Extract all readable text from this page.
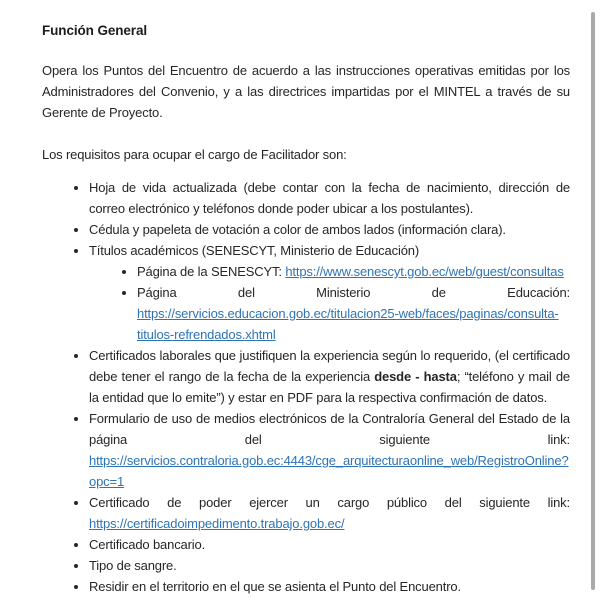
Función General

Opera los Puntos del Encuentro de acuerdo a las instrucciones operativas emitidas por los Administradores del Convenio, y a las directrices impartidas por el MINTEL a través de su Gerente de Proyecto.

Los requisitos para ocupar el cargo de Facilitador son:

• Hoja de vida actualizada (debe contar con la fecha de nacimiento, dirección de correo electrónico y teléfonos donde poder ubicar a los postulantes).
• Cédula y papeleta de votación a color de ambos lados (información clara).
• Títulos académicos (SENESCYT, Ministerio de Educación)
• Página de la SENESCYT: https://www.senescyt.gob.ec/web/guest/consultas
• Página del Ministerio de Educación: https://servicios.educacion.gob.ec/titulacion25-web/faces/paginas/consulta-titulos-refrendados.xhtml
• Certificados laborales que justifiquen la experiencia según lo requerido, (el certificado debe tener el rango de la fecha de la experiencia desde - hasta; “teléfono y mail de la entidad que lo emite”) y estar en PDF para la respectiva confirmación de datos.
• Formulario de uso de medios electrónicos de la Contraloría General del Estado de la página del siguiente link: https://servicios.contraloria.gob.ec:4443/cge_arquitecturaonline_web/RegistroOnline?opc=1
• Certificado de poder ejercer un cargo público del siguiente link: https://certificadoimpedimento.trabajo.gob.ec/
• Certificado bancario.
• Tipo de sangre.
• Residir en el territorio en el que se asienta el Punto del Encuentro.
